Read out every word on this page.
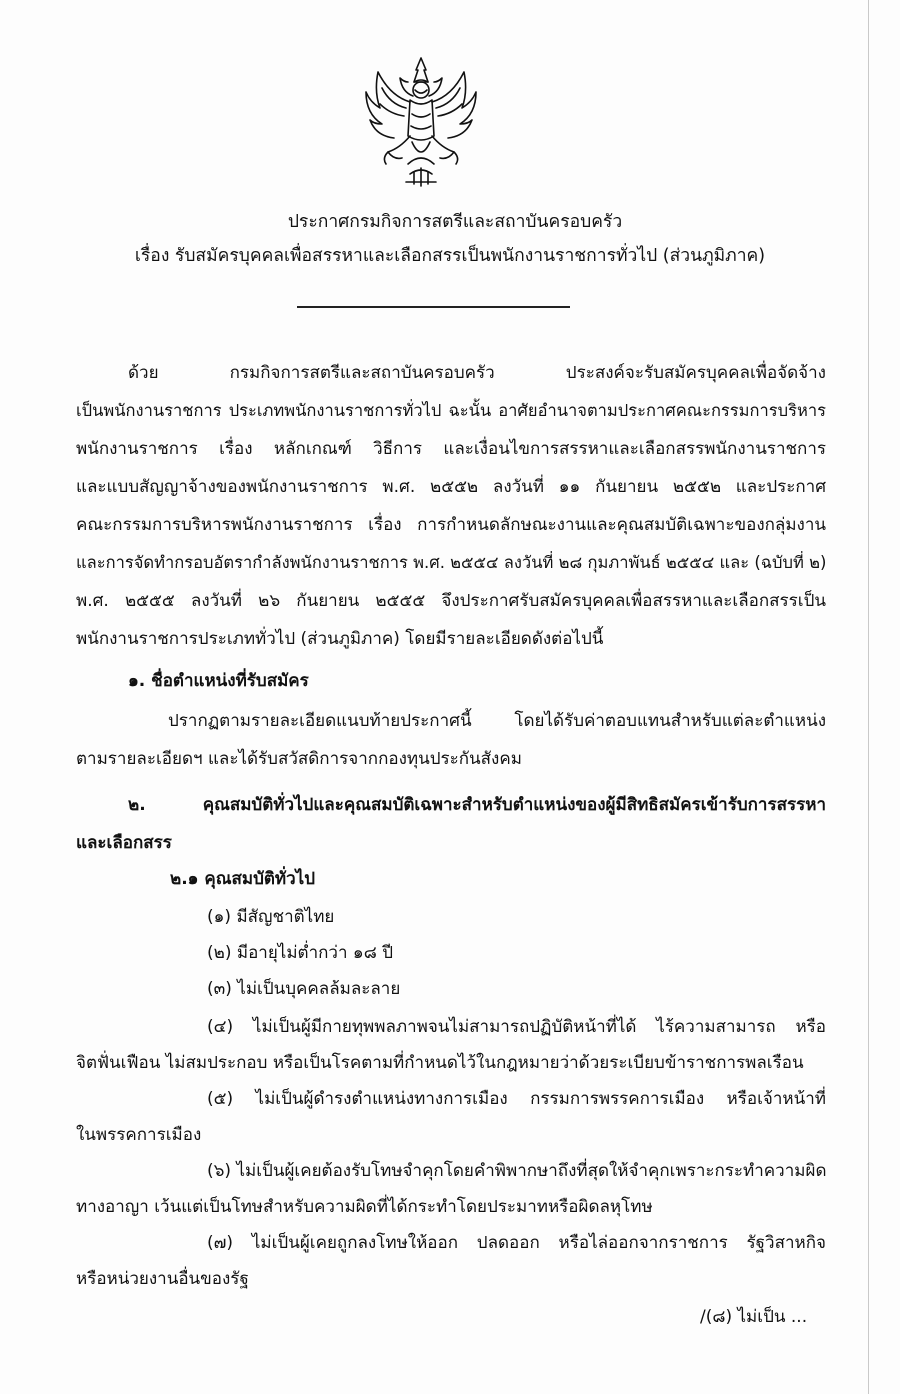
ประกาศกรมกิจการสตรีและสถาบันครอบครัว
เรื่อง รับสมัครบุคคลเพื่อสรรหาและเลือกสรรเป็นพนักงานราชการทั่วไป (ส่วนภูมิภาค)
ด้วย กรมกิจการสตรีและสถาบันครอบครัว ประสงค์จะรับสมัครบุคคลเพื่อจัดจ้าง
เป็นพนักงานราชการ ประเภทพนักงานราชการทั่วไป ฉะนั้น อาศัยอำนาจตามประกาศคณะกรรมการบริหาร
พนักงานราชการ เรื่อง หลักเกณฑ์ วิธีการ และเงื่อนไขการสรรหาและเลือกสรรพนักงานราชการ
และแบบสัญญาจ้างของพนักงานราชการ พ.ศ. ๒๕๕๒ ลงวันที่ ๑๑ กันยายน ๒๕๕๒ และประกาศ
คณะกรรมการบริหารพนักงานราชการ เรื่อง การกำหนดลักษณะงานและคุณสมบัติเฉพาะของกลุ่มงาน
และการจัดทำกรอบอัตรากำลังพนักงานราชการ พ.ศ. ๒๕๕๔ ลงวันที่ ๒๘ กุมภาพันธ์ ๒๕๕๔ และ (ฉบับที่ ๒)
พ.ศ. ๒๕๕๕ ลงวันที่ ๒๖ กันยายน ๒๕๕๕ จึงประกาศรับสมัครบุคคลเพื่อสรรหาและเลือกสรรเป็น
พนักงานราชการประเภททั่วไป (ส่วนภูมิภาค) โดยมีรายละเอียดดังต่อไปนี้
๑. ชื่อตำแหน่งที่รับสมัคร
ปรากฏตามรายละเอียดแนบท้ายประกาศนี้ โดยได้รับค่าตอบแทนสำหรับแต่ละตำแหน่ง
ตามรายละเอียดฯ และได้รับสวัสดิการจากกองทุนประกันสังคม
๒. คุณสมบัติทั่วไปและคุณสมบัติเฉพาะสำหรับตำแหน่งของผู้มีสิทธิสมัครเข้ารับการสรรหา
และเลือกสรร
๒.๑ คุณสมบัติทั่วไป
(๑) มีสัญชาติไทย
(๒) มีอายุไม่ต่ำกว่า ๑๘ ปี
(๓) ไม่เป็นบุคคลล้มละลาย
(๔) ไม่เป็นผู้มีกายทุพพลภาพจนไม่สามารถปฏิบัติหน้าที่ได้ ไร้ความสามารถ หรือ
จิตฟั่นเฟือน ไม่สมประกอบ หรือเป็นโรคตามที่กำหนดไว้ในกฎหมายว่าด้วยระเบียบข้าราชการพลเรือน
(๕) ไม่เป็นผู้ดำรงตำแหน่งทางการเมือง กรรมการพรรคการเมือง หรือเจ้าหน้าที่
ในพรรคการเมือง
(๖) ไม่เป็นผู้เคยต้องรับโทษจำคุกโดยคำพิพากษาถึงที่สุดให้จำคุกเพราะกระทำความผิด
ทางอาญา เว้นแต่เป็นโทษสำหรับความผิดที่ได้กระทำโดยประมาทหรือผิดลหุโทษ
(๗) ไม่เป็นผู้เคยถูกลงโทษให้ออก ปลดออก หรือไล่ออกจากราชการ รัฐวิสาหกิจ
หรือหน่วยงานอื่นของรัฐ
/(๘) ไม่เป็น ...
